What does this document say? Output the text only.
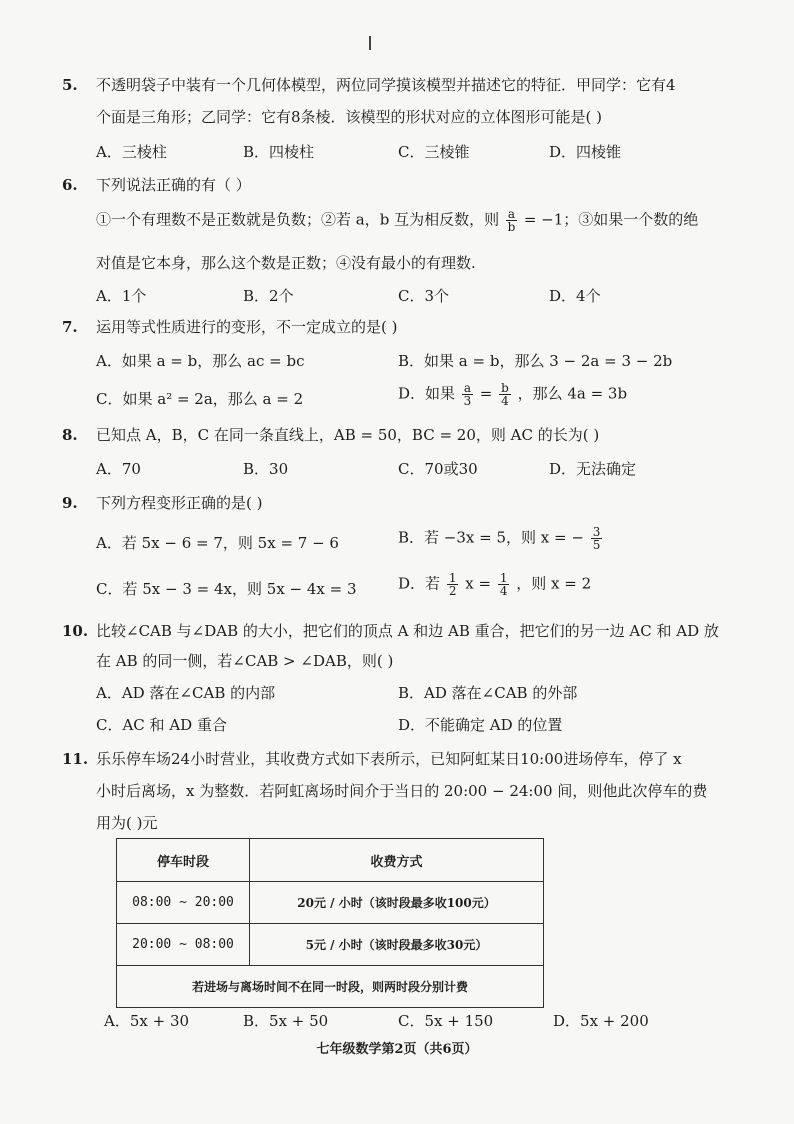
5. 不透明袋子中装有一个几何体模型，两位同学摸该模型并描述它的特征．甲同学：它有4
个面是三角形；乙同学：它有8条棱．该模型的形状对应的立体图形可能是( )
A．三棱柱	B．四棱柱	C．三棱锥	D．四棱锥
6. 下列说法正确的有（ ）
①一个有理数不是正数就是负数；②若 a，b 互为相反数，则 $\frac{a}{b} = -1$；③如果一个数的绝
对值是它本身，那么这个数是正数；④没有最小的有理数.
A．1个	B．2个	C．3个	D．4个
7. 运用等式性质进行的变形，不一定成立的是( )
A．如果 a = b，那么 ac = bc	B．如果 a = b，那么 3 − 2a = 3 − 2b
C．如果 a² = 2a，那么 a = 2	D．如果 $\frac{a}{3} = \frac{b}{4}$ ，那么 4a = 3b
8. 已知点 A，B，C 在同一条直线上，AB = 50，BC = 20，则 AC 的长为( )
A．70	B．30	C．70或30	D．无法确定
9. 下列方程变形正确的是( )
A．若 5x − 6 = 7，则 5x = 7 − 6	B．若 −3x = 5，则 x = − $\frac{3}{5}$
C．若 5x − 3 = 4x，则 5x − 4x = 3	D．若 $\frac{1}{2}$ $x = \frac{1}{4}$ ，则 x = 2
10. 比较∠CAB 与∠DAB 的大小，把它们的顶点 A 和边 AB 重合，把它们的另一边 AC 和 AD 放
在 AB 的同一侧，若∠CAB > ∠DAB，则( )
A．AD 落在∠CAB 的内部	B．AD 落在∠CAB 的外部
C．AC 和 AD 重合	D．不能确定 AD 的位置
11. 乐乐停车场24小时营业，其收费方式如下表所示，已知阿虹某日10:00进场停车，停了 x
小时后离场，x 为整数．若阿虹离场时间介于当日的 20:00 − 24:00 间，则他此次停车的费
用为( )元
停车时段	收费方式
08:00 ~ 20:00	20元 / 小时（该时段最多收100元）
20:00 ~ 08:00	5元 / 小时（该时段最多收30元）
若进场与离场时间不在同一时段，则两时段分别计费	
A．5x + 30	B．5x + 50	C．5x + 150	D．5x + 200
七年级数学第2页（共6页）
